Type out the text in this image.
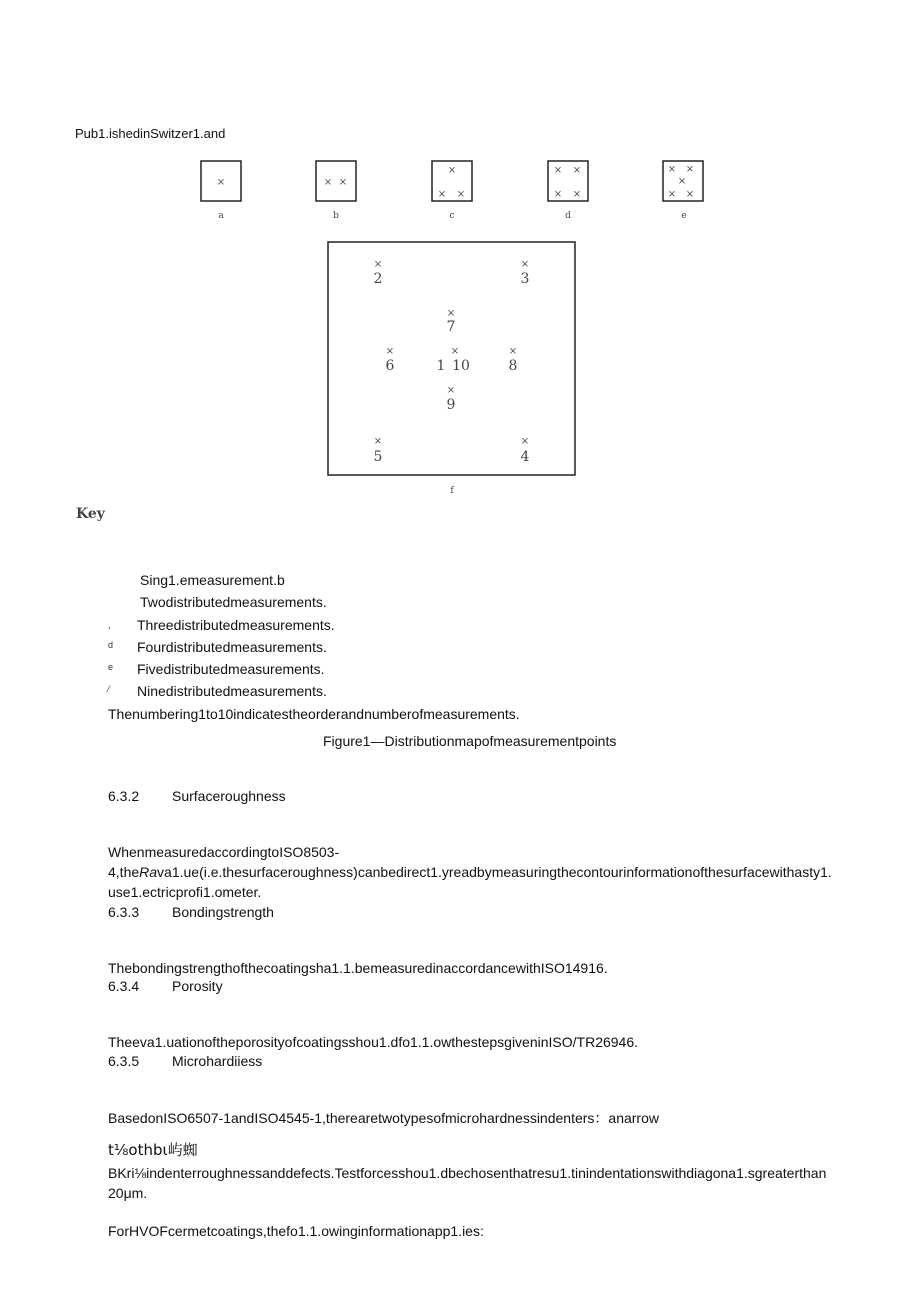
Pub1.ishedinSwitzer1.and
×	× ×
×
× ×
× ×
× ×
× ×
×
× ×
×	×
×
×	×	×
×
×	×
2	3
7
6	1 10	8
9
5	4
a	b	c	d	e
f
Key
Sing1.emeasurement.b
Twodistributedmeasurements.
, Threedistributedmeasurements.
d Fourdistributedmeasurements.
e Fivedistributedmeasurements.
⁄ Ninedistributedmeasurements.
Thenumbering1to10indicatestheorderandnumberofmeasurements.
Figure1—Distributionmapofmeasurementpoints
6.3.2 Surfaceroughness
WhenmeasuredaccordingtoISO8503-
4,theRava1.ue(i.e.thesurfaceroughness)canbedirect1.yreadbymeasuringthecontourinformationofthesurfacewithasty1.
use1.ectricprofi1.ometer.
6.3.3 Bondingstrength
Thebondingstrengthofthecoatingsha1.1.bemeasuredinaccordancewithISO14916.
6.3.4 Porosity
Theeva1.uationoftheporosityofcoatingsshou1.dfo1.1.owthestepsgiveninISO/TR26946.
6.3.5 Microhardiiess
BasedonISO6507-1andISO4545-1,therearetwotypesofmicrohardnessindenters：anarrow
t⅛othbι屿蜘
BKri⅛indenterroughnessanddefects.Testforcesshou1.dbechosenthatresu1.tinindentationswithdiagona1.sgreaterthan
20μm.
ForHVOFcermetcoatings,thefo1.1.owinginformationapp1.ies:
